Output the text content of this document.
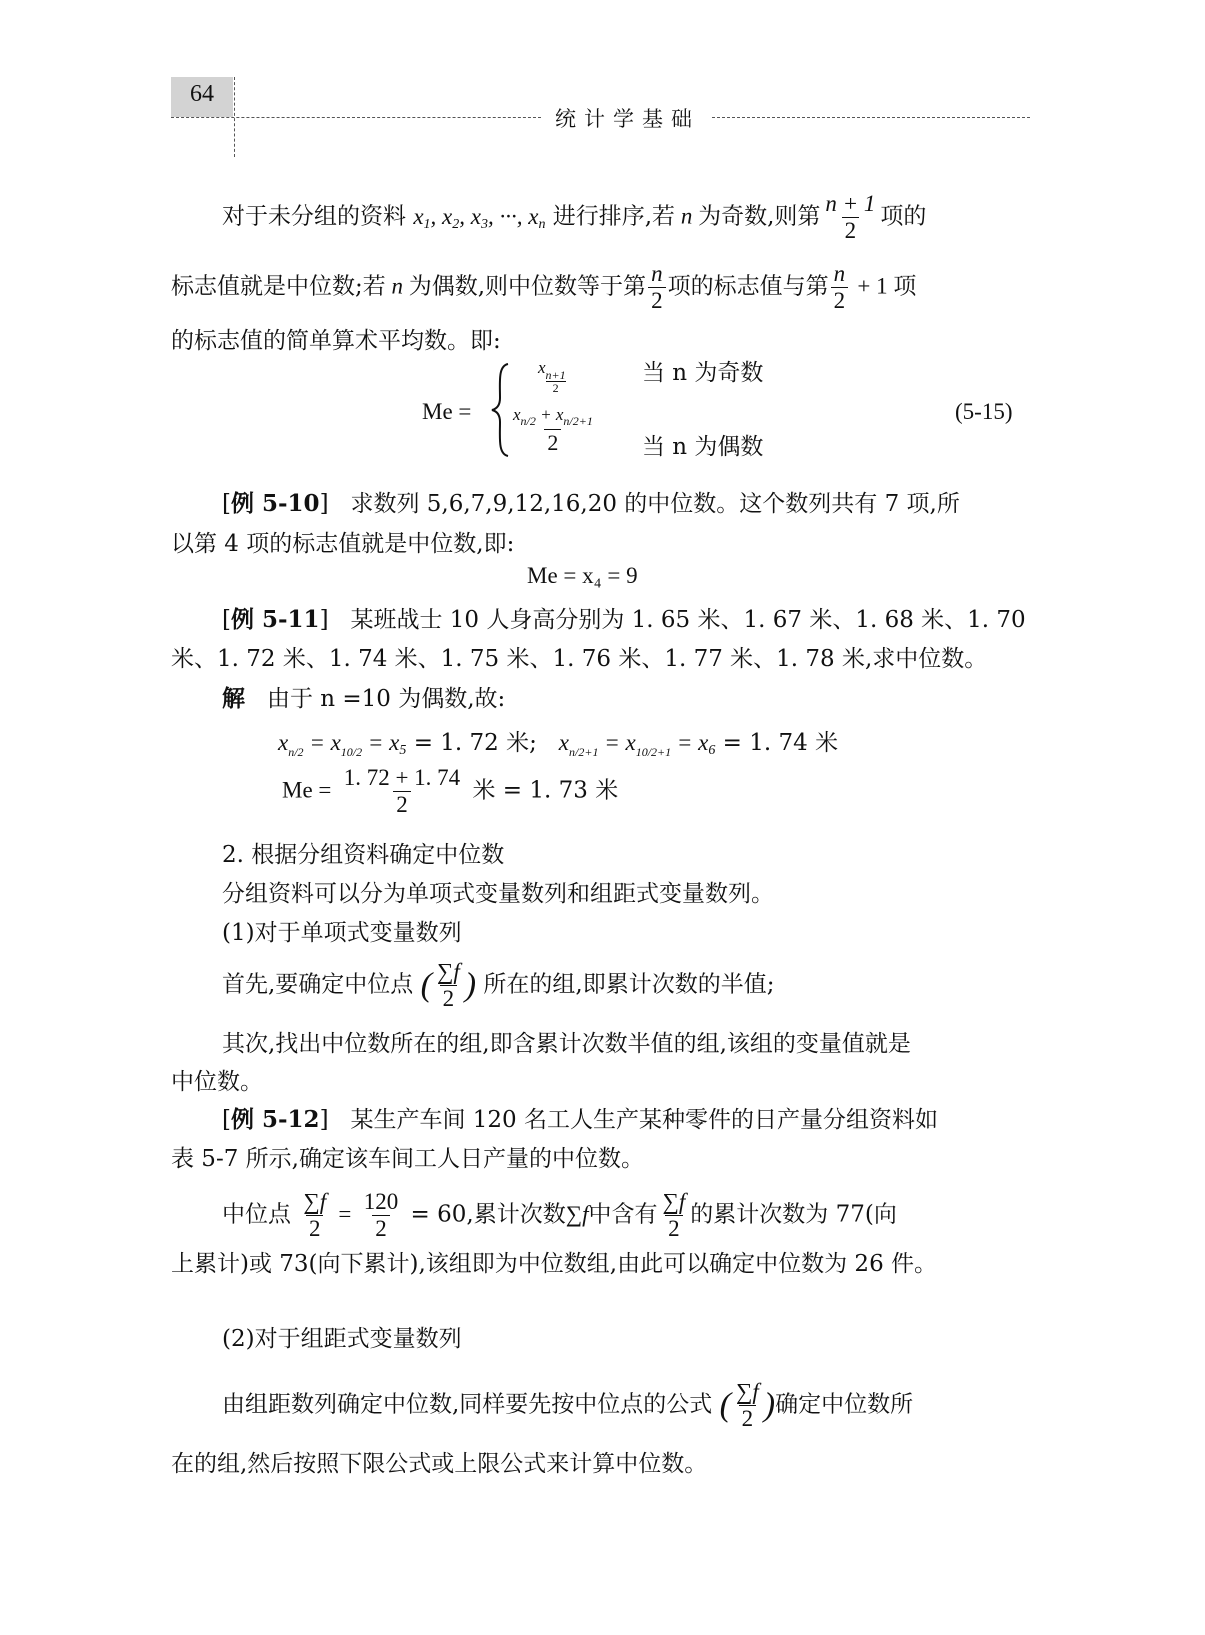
64
统计学基础
对于未分组的资料 $x_1$, $x_2$, $x_3$, ···, $x_n$ 进行排序,若 n 为奇数,则第 $\frac{n + 1}{2}$ 项的
标志值就是中位数;若 n 为偶数,则中位数等于第 $\frac{n}{2}$ 项的标志值与第 $\frac{n}{2} + 1$ 项
的标志值的简单算术平均数。即:
Me =
x
$\frac{n+1}{2}$	当 n 为奇数
$\frac{x_{n/2} + x_{n/2+1}}{2}$ 当 n 为偶数
(5-15)
[例 5-10]   求数列 5,6,7,9,12,16,20 的中位数。这个数列共有 7 项,所
以第 4 项的标志值就是中位数,即:
Me = x₄ = 9
[例 5-11]   某班战士 10 人身高分别为 1. 65 米、1. 67 米、1. 68 米、1. 70
米、1. 72 米、1. 74 米、1. 75 米、1. 76 米、1. 77 米、1. 78 米,求中位数。
解 由于 n =10 为偶数,故:
$x_{n/2} = x_{10/2} = x_5 = 1$. 72 米; $x_{n/2+1} = x_{10/2+1} = x_6 = 1$. 74 米
$Me = \frac{1. 72 + 1. 74}{2}$ 米 = 1. 73 米
2. 根据分组资料确定中位数
分组资料可以分为单项式变量数列和组距式变量数列。
(1)对于单项式变量数列
首先,要确定中位点 ( $\frac{\sum f}{2}$ ) 所在的组,即累计次数的半值;
其次,找出中位数所在的组,即含累计次数半值的组,该组的变量值就是
中位数。
[例 5-12]   某生产车间 120 名工人生产某种零件的日产量分组资料如
表 5-7 所示,确定该车间工人日产量的中位数。
中位点 $\frac{\sum f}{2} = \frac{120}{2} = 60$,累计次数∑f中含有 $\frac{\sum f}{2}$ 的累计次数为 77(向
上累计)或 73(向下累计),该组即为中位数组,由此可以确定中位数为 26 件。
(2)对于组距式变量数列
由组距数列确定中位数,同样要先按中位点的公式 ( $\frac{\sum f}{2}$ )确定中位数所
在的组,然后按照下限公式或上限公式来计算中位数。
